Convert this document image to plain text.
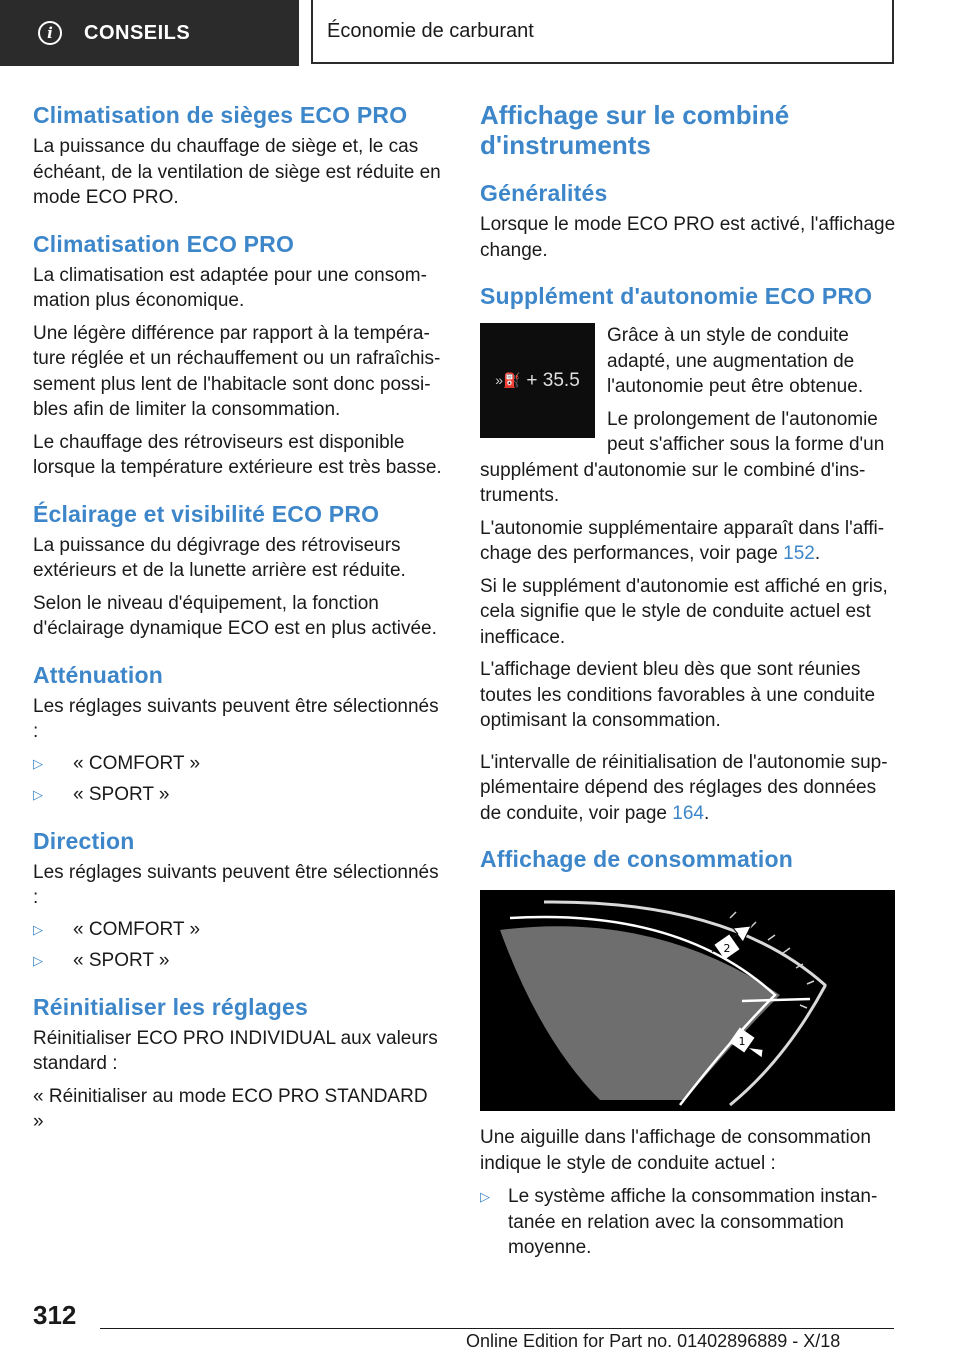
i	CONSEILS	Économie de carburant
Climatisation de sièges ECO PRO

La puissance du chauffage de siège et, le cas échéant, de la ventilation de siège est réduite en mode ECO PRO.

Climatisation ECO PRO

La climatisation est adaptée pour une consommation plus économique.

Une légère différence par rapport à la température réglée et un réchauffement ou un rafraîchissement plus lent de l'habitacle sont donc possibles afin de limiter la consommation.

Le chauffage des rétroviseurs est disponible lorsque la température extérieure est très basse.

Éclairage et visibilité ECO PRO

La puissance du dégivrage des rétroviseurs extérieurs et de la lunette arrière est réduite.

Selon le niveau d'équipement, la fonction d'éclairage dynamique ECO est en plus activée.

Atténuation

Les réglages suivants peuvent être sélectionnés :

▷ « COMFORT »
▷ « SPORT »
Direction

Les réglages suivants peuvent être sélectionnés :

▷ « COMFORT »
▷ « SPORT »
Réinitialiser les réglages

Réinitialiser ECO PRO INDIVIDUAL aux valeurs standard :

« Réinitialiser au mode ECO PRO STANDARD »

Affichage sur le combiné d'instruments
Généralités

Lorsque le mode ECO PRO est activé, l'affichage change.

Supplément d'autonomie ECO PRO
»⛽ + 35.5

Grâce à un style de conduite adapté, une augmentation de l'autonomie peut être obtenue.

Le prolongement de l'autonomie peut s'afficher sous la forme d'un supplément d'autonomie sur le combiné d'instruments.

L'autonomie supplémentaire apparaît dans l'affichage des performances, voir page 152.

Si le supplément d'autonomie est affiché en gris, cela signifie que le style de conduite actuel est inefficace.

L'affichage devient bleu dès que sont réunies toutes les conditions favorables à une conduite optimisant la consommation.

L'intervalle de réinitialisation de l'autonomie supplémentaire dépend des réglages des données de conduite, voir page 164.

Affichage de consommation
2
1

Une aiguille dans l'affichage de consommation indique le style de conduite actuel :

▷ Le système affiche la consommation instantanée en relation avec la consommation moyenne.
312
Online Edition for Part no. 01402896889 - X/18
